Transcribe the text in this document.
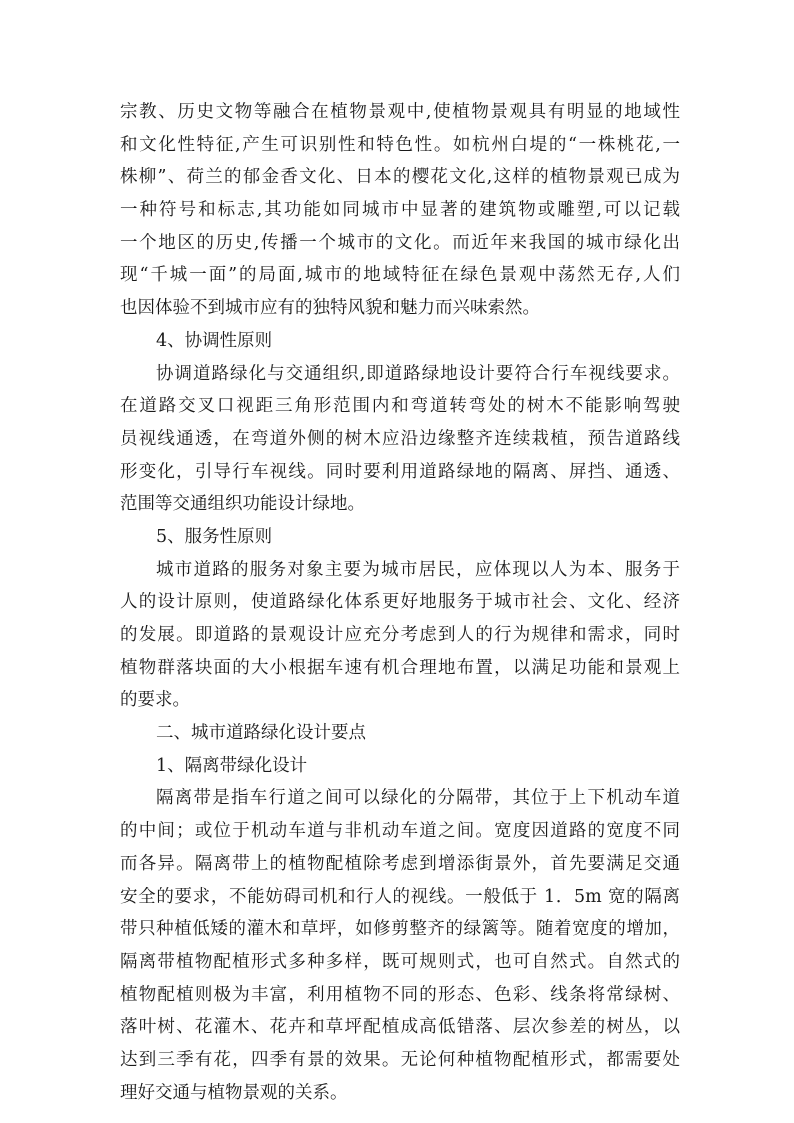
宗教、历史文物等融合在植物景观中,使植物景观具有明显的地域性
和文化性特征,产生可识别性和特色性。如杭州白堤的“一株桃花,一
株柳”、荷兰的郁金香文化、日本的樱花文化,这样的植物景观已成为
一种符号和标志,其功能如同城市中显著的建筑物或雕塑,可以记载
一个地区的历史,传播一个城市的文化。而近年来我国的城市绿化出
现“千城一面”的局面,城市的地域特征在绿色景观中荡然无存,人们
也因体验不到城市应有的独特风貌和魅力而兴味索然。
4、协调性原则
协调道路绿化与交通组织,即道路绿地设计要符合行车视线要求。
在道路交叉口视距三角形范围内和弯道转弯处的树木不能影响驾驶
员视线通透，在弯道外侧的树木应沿边缘整齐连续栽植，预告道路线
形变化，引导行车视线。同时要利用道路绿地的隔离、屏挡、通透、
范围等交通组织功能设计绿地。
5、服务性原则
城市道路的服务对象主要为城市居民，应体现以人为本、服务于
人的设计原则，使道路绿化体系更好地服务于城市社会、文化、经济
的发展。即道路的景观设计应充分考虑到人的行为规律和需求，同时
植物群落块面的大小根据车速有机合理地布置，以满足功能和景观上
的要求。
二、城市道路绿化设计要点
1、隔离带绿化设计
隔离带是指车行道之间可以绿化的分隔带，其位于上下机动车道
的中间；或位于机动车道与非机动车道之间。宽度因道路的宽度不同
而各异。隔离带上的植物配植除考虑到增添街景外，首先要满足交通
安全的要求，不能妨碍司机和行人的视线。一般低于 1．5m 宽的隔离
带只种植低矮的灌木和草坪，如修剪整齐的绿篱等。随着宽度的增加，
隔离带植物配植形式多种多样，既可规则式，也可自然式。自然式的
植物配植则极为丰富，利用植物不同的形态、色彩、线条将常绿树、
落叶树、花灌木、花卉和草坪配植成高低错落、层次参差的树丛，以
达到三季有花，四季有景的效果。无论何种植物配植形式，都需要处
理好交通与植物景观的关系。
